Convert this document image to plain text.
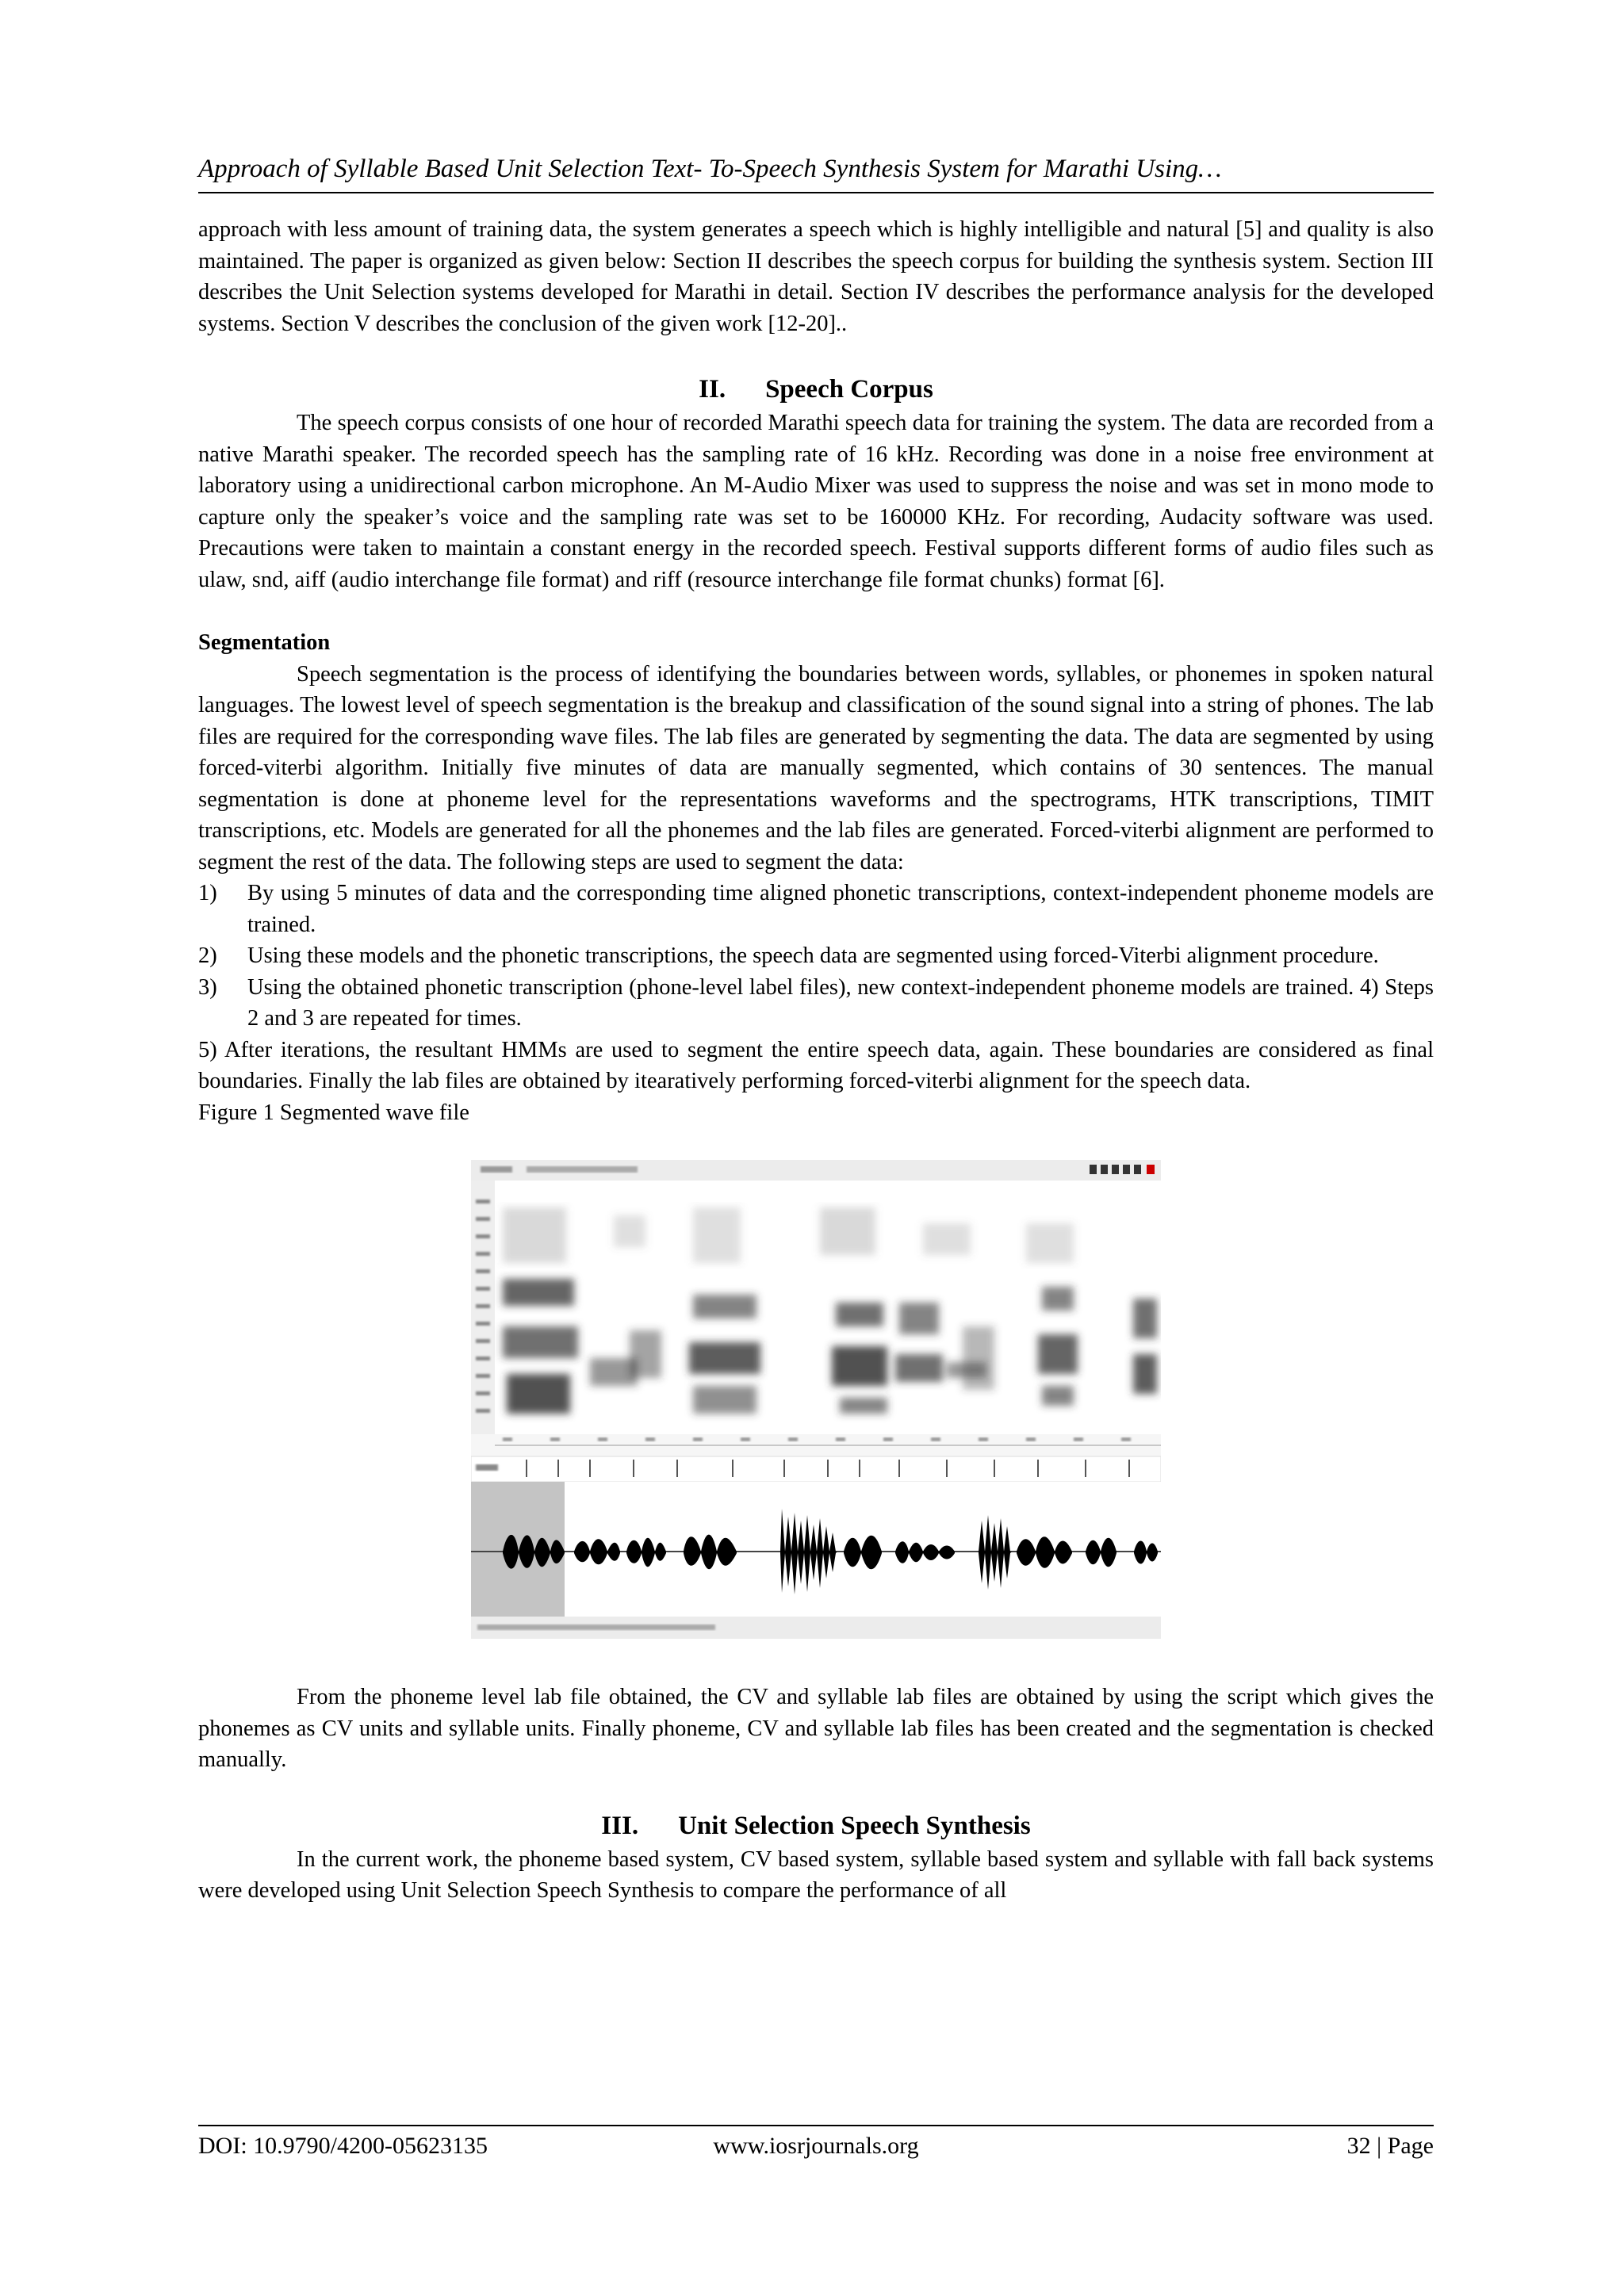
Approach of Syllable Based Unit Selection Text- To-Speech Synthesis System for Marathi Using…

approach with less amount of training data, the system generates a speech which is highly intelligible and natural [5] and quality is also maintained. The paper is organized as given below: Section II describes the speech corpus for building the synthesis system. Section III describes the Unit Selection systems developed for Marathi in detail. Section IV describes the performance analysis for the developed systems. Section V describes the conclusion of the given work [12-20]..

II. Speech Corpus

The speech corpus consists of one hour of recorded Marathi speech data for training the system. The data are recorded from a native Marathi speaker. The recorded speech has the sampling rate of 16 kHz. Recording was done in a noise free environment at laboratory using a unidirectional carbon microphone. An M-Audio Mixer was used to suppress the noise and was set in mono mode to capture only the speaker’s voice and the sampling rate was set to be 160000 KHz. For recording, Audacity software was used. Precautions were taken to maintain a constant energy in the recorded speech. Festival supports different forms of audio files such as ulaw, snd, aiff (audio interchange file format) and riff (resource interchange file format chunks) format [6].

Segmentation

Speech segmentation is the process of identifying the boundaries between words, syllables, or phonemes in spoken natural languages. The lowest level of speech segmentation is the breakup and classification of the sound signal into a string of phones. The lab files are required for the corresponding wave files. The lab files are generated by segmenting the data. The data are segmented by using forced-viterbi algorithm. Initially five minutes of data are manually segmented, which contains of 30 sentences. The manual segmentation is done at phoneme level for the representations waveforms and the spectrograms, HTK transcriptions, TIMIT transcriptions, etc. Models are generated for all the phonemes and the lab files are generated. Forced-viterbi alignment are performed to segment the rest of the data. The following steps are used to segment the data:

1) By using 5 minutes of data and the corresponding time aligned phonetic transcriptions, context-independent phoneme models are trained.
2) Using these models and the phonetic transcriptions, the speech data are segmented using forced-Viterbi alignment procedure.
3) Using the obtained phonetic transcription (phone-level label files), new context-independent phoneme models are trained. 4) Steps 2 and 3 are repeated for times.

5) After iterations, the resultant HMMs are used to segment the entire speech data, again. These boundaries are considered as final boundaries. Finally the lab files are obtained by itearatively performing forced-viterbi alignment for the speech data.

Figure 1 Segmented wave file

From the phoneme level lab file obtained, the CV and syllable lab files are obtained by using the script which gives the phonemes as CV units and syllable units. Finally phoneme, CV and syllable lab files has been created and the segmentation is checked manually.

III. Unit Selection Speech Synthesis

In the current work, the phoneme based system, CV based system, syllable based system and syllable with fall back systems were developed using Unit Selection Speech Synthesis to compare the performance of all

DOI: 10.9790/4200-05623135	www.iosrjournals.org	32 | Page
